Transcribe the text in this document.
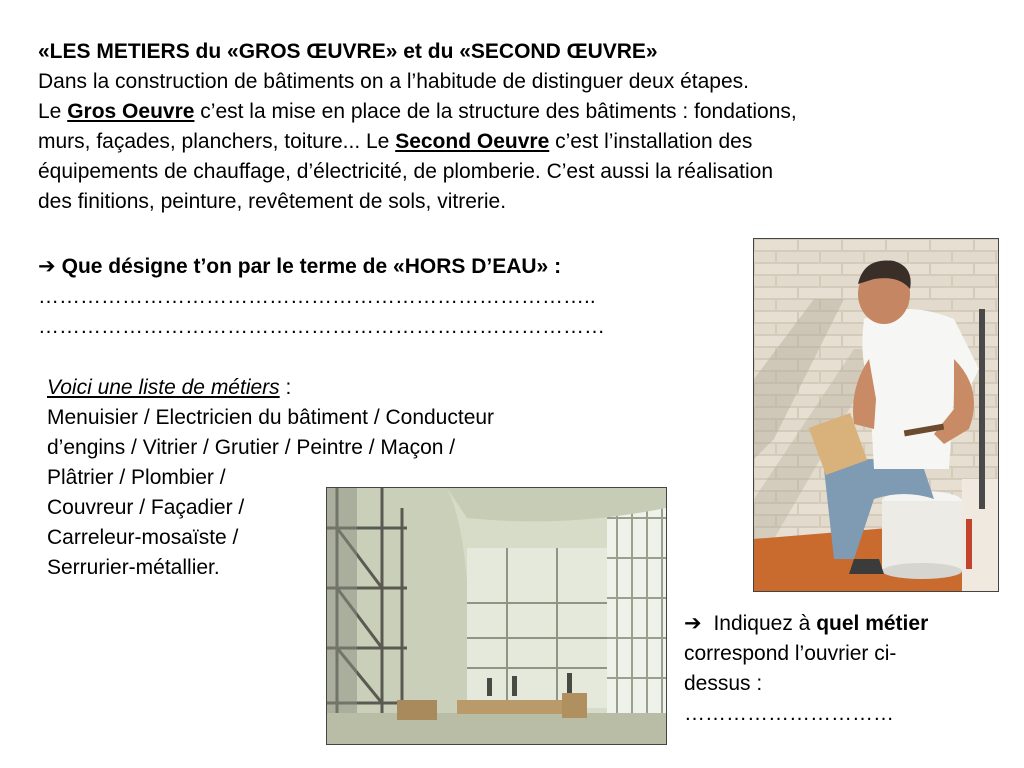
«LES METIERS du «GROS ŒUVRE» et du «SECOND ŒUVRE»
Dans la construction de bâtiments on a l’habitude de distinguer deux étapes.
Le Gros Oeuvre c’est la mise en place de la structure des bâtiments : fondations,
murs, façades, planchers, toiture... Le Second Oeuvre c’est l’installation des
équipements de chauffage, d’électricité, de plomberie. C’est aussi la réalisation
des finitions, peinture, revêtement de sols, vitrerie.
➔ Que désigne t’on par le terme de «HORS D’EAU» :
……………………………………………………………………..
………………………………………………………………………
Voici une liste de métiers :
Menuisier / Electricien du bâtiment / Conducteur
d’engins / Vitrier / Grutier / Peintre / Maçon /
Plâtrier / Plombier /
Couvreur / Façadier /
Carreleur-mosaïste /
Serrurier-métallier.
➔ Indiquez à quel métier
correspond l’ouvrier ci-
dessus :
…………………………
